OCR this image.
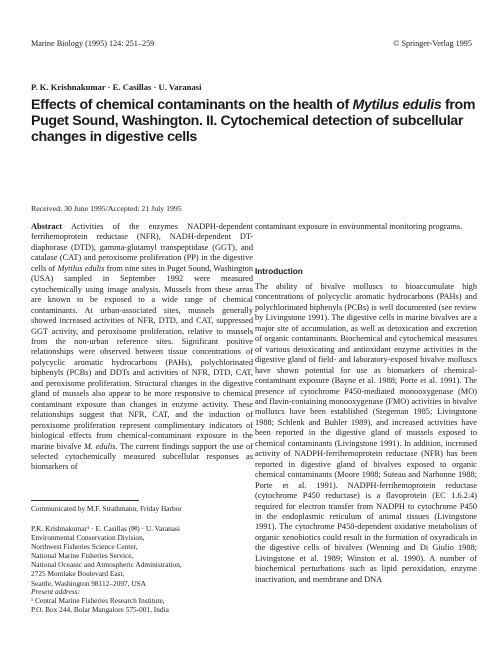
Marine Biology (1995) 124: 251–259	© Springer-Verlag 1995
P. K. Krishnakumar · E. Casillas · U. Varanasi
Effects of chemical contaminants on the health of Mytilus edulis from Puget Sound, Washington. II. Cytochemical detection of subcellular changes in digestive cells
Received: 30 June 1995/Accepted: 21 July 1995

Abstract Activities of the enzymes NADPH-dependent ferrihemoprotein reductase (NFR), NADH-dependent DT-diaphorase (DTD), gamma-glutamyl transpeptidase (GGT), and catalase (CAT) and peroxisome proliferation (PP) in the digestive cells of Mytilus edulis from nine sites in Puget Sound, Washington (USA) sampled in September 1992 were measured cytochemically using image analysis. Mussels from these areas are known to be exposed to a wide range of chemical contaminants. At urban-associated sites, mussels generally showed increased activities of NFR, DTD, and CAT, suppressed GGT activity, and peroxisome proliferation, relative to mussels from the non-urban reference sites. Significant positive relationships were observed between tissue concentrations of polycyclic aromatic hydrocarbons (PAHs), polychlorinated biphenyls (PCBs) and DDTs and activities of NFR, DTD, CAT, and peroxisome proliferation. Structural changes in the digestive gland of mussels also appear to be more responsive to chemical contaminant exposure than changes in enzyme activity. These relationships suggest that NFR, CAT, and the induction of peroxisome proliferation represent complimentary indicators of biological effects from chemical-contaminant exposure in the marine bivalve M. edulis. The current findings support the use of selected cytochemically measured subcellular responses as biomarkers of

Communicated by M.F. Strathmann, Friday Harbor
P.K. Krishnakumar¹ · E. Casillas (✉) · U. Varanasi
Environmental Conservation Division,
Northwest Fisheries Science Center,
National Marine Fisheries Service,
National Oceanic and Atmospheric Administration,
2725 Montlake Boulevard East,
Seattle, Washington 98112–2097, USA
Present address:
¹ Central Marine Fisheries Research Institute,
P.O. Box 244, Bolar Mangalore 575-001, India

contaminant exposure in environmental monitoring programs.

Introduction

The ability of bivalve molluscs to bioaccumulate high concentrations of polycyclic aromatic hydrocarbons (PAHs) and polychlorinated biphenyls (PCBs) is well documented (see review by Livingstone 1991). The digestive cells in marine bivalves are a major site of accumulation, as well as detoxication and excretion of organic contaminants. Biochemical and cytochemical measures of various detoxicating and antioxidant enzyme activities in the digestive gland of field- and laboratory-exposed bivalve molluscs have shown potential for use as biomarkers of chemical-contaminant exposure (Bayne et al. 1988; Porte et al. 1991). The presence of cytochrome P450-mediated monooxygenase (MO) and flavin-containing monooxygenase (FMO) activities in bivalve molluscs have been established (Stegeman 1985; Livingstone 1988; Schlenk and Buhler 1989), and increased activities have been reported in the digestive gland of mussels exposed to chemical contaminants (Livingstone 1991). In addition, increased activity of NADPH-ferrihemoprotein reductase (NFR) has been reported in digestive gland of bivalves exposed to organic chemical contaminants (Moore 1988; Suteau and Narbonne 1988; Porte et al. 1991). NADPH-ferrihemoprotein reductase (cytochrome P450 reductase) is a flavoprotein (EC 1.6.2.4) required for electron transfer from NADPH to cytochrome P450 in the endoplasmic reticulum of animal tissues (Livingstone 1991). The cytochrome P450-dependent oxidative metabolism of organic xenobiotics could result in the formation of oxyradicals in the digestive cells of bivalves (Wenning and Di Giulio 1988; Livingstone et al. 1989; Winston et al. 1990). A number of biochemical perturbations such as lipid peroxidation, enzyme inactivation, and membrane and DNA
